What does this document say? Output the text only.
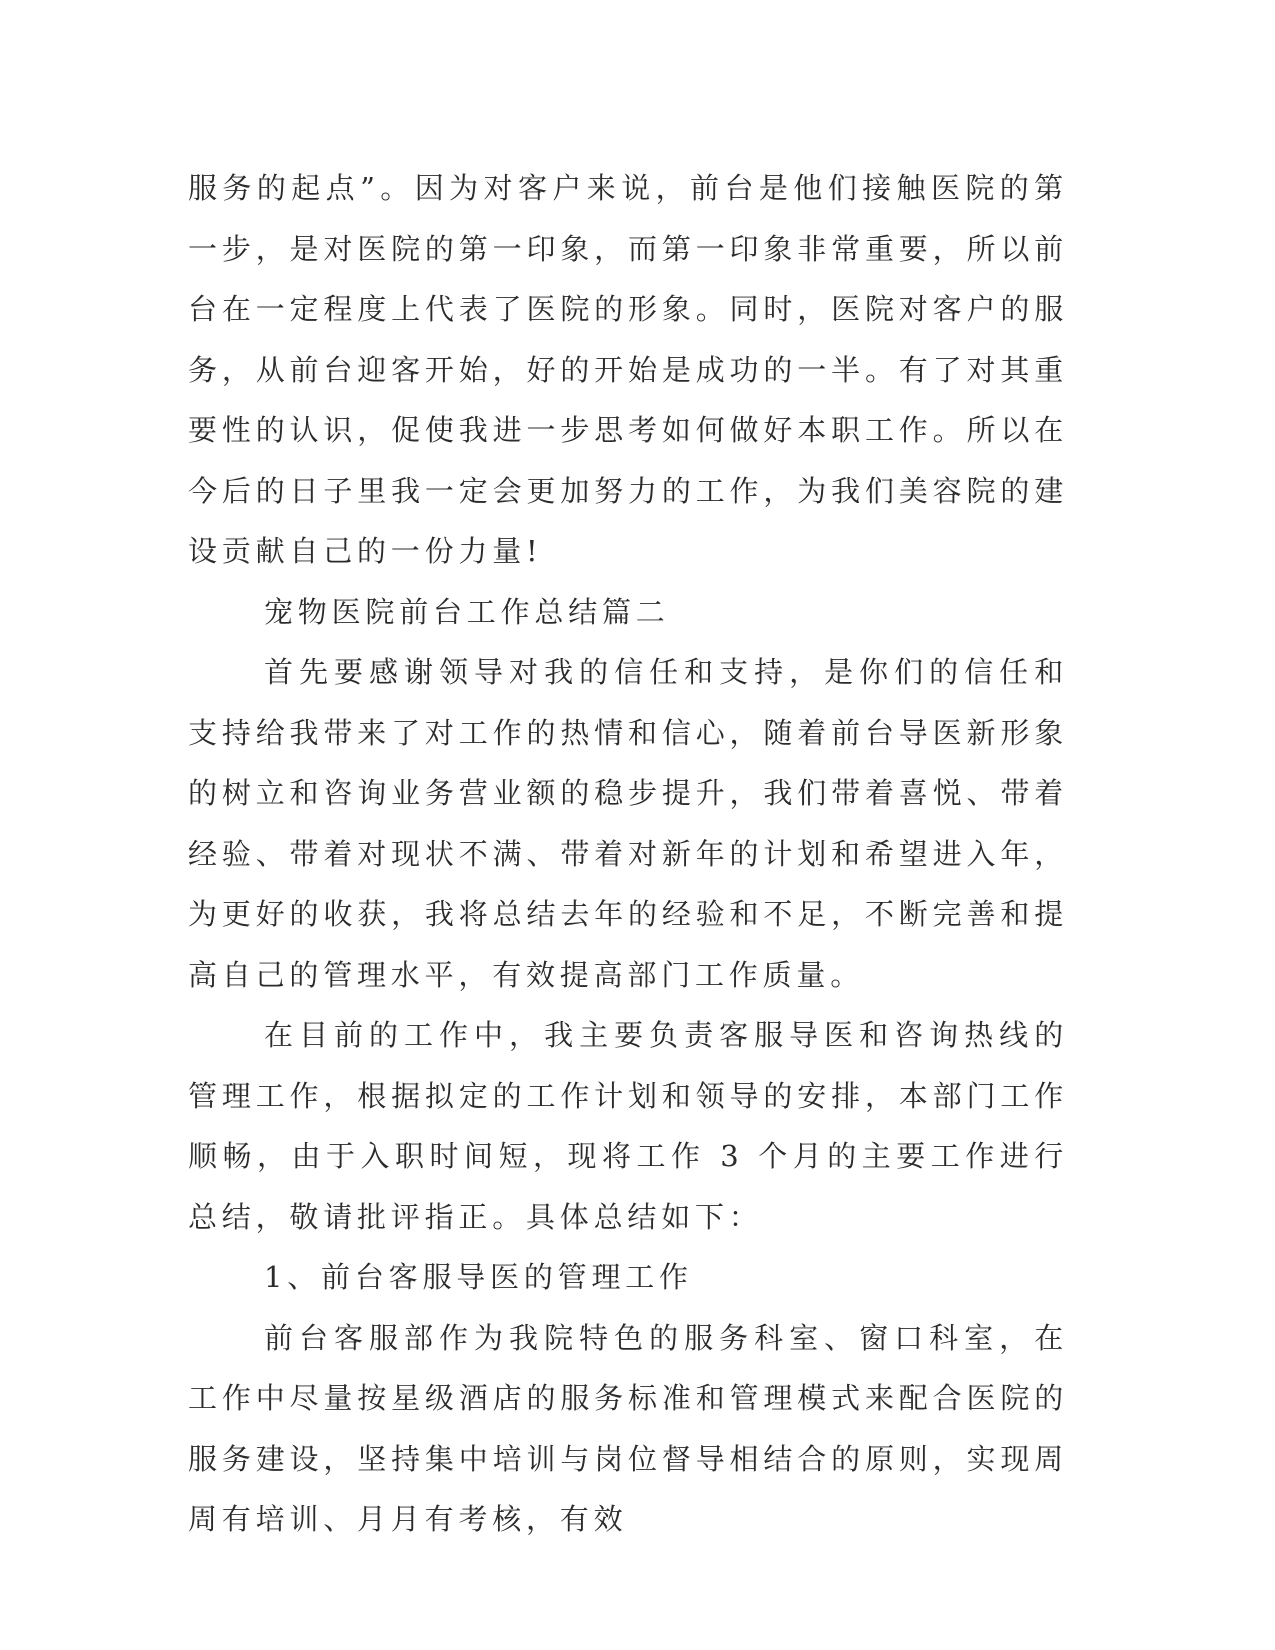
服务的起点”。因为对客户来说，前台是他们接触医院的第一步，是对医院的第一印象，而第一印象非常重要，所以前台在一定程度上代表了医院的形象。同时，医院对客户的服务，从前台迎客开始，好的开始是成功的一半。有了对其重要性的认识，促使我进一步思考如何做好本职工作。所以在今后的日子里我一定会更加努力的工作，为我们美容院的建设贡献自己的一份力量!

宠物医院前台工作总结篇二

首先要感谢领导对我的信任和支持，是你们的信任和支持给我带来了对工作的热情和信心，随着前台导医新形象的树立和咨询业务营业额的稳步提升，我们带着喜悦、带着经验、带着对现状不满、带着对新年的计划和希望进入年，为更好的收获，我将总结去年的经验和不足，不断完善和提高自己的管理水平，有效提高部门工作质量。

在目前的工作中，我主要负责客服导医和咨询热线的管理工作，根据拟定的工作计划和领导的安排，本部门工作顺畅，由于入职时间短，现将工作 3 个月的主要工作进行总结，敬请批评指正。具体总结如下：

1、前台客服导医的管理工作

前台客服部作为我院特色的服务科室、窗口科室，在工作中尽量按星级酒店的服务标准和管理模式来配合医院的服务建设，坚持集中培训与岗位督导相结合的原则，实现周周有培训、月月有考核，有效
